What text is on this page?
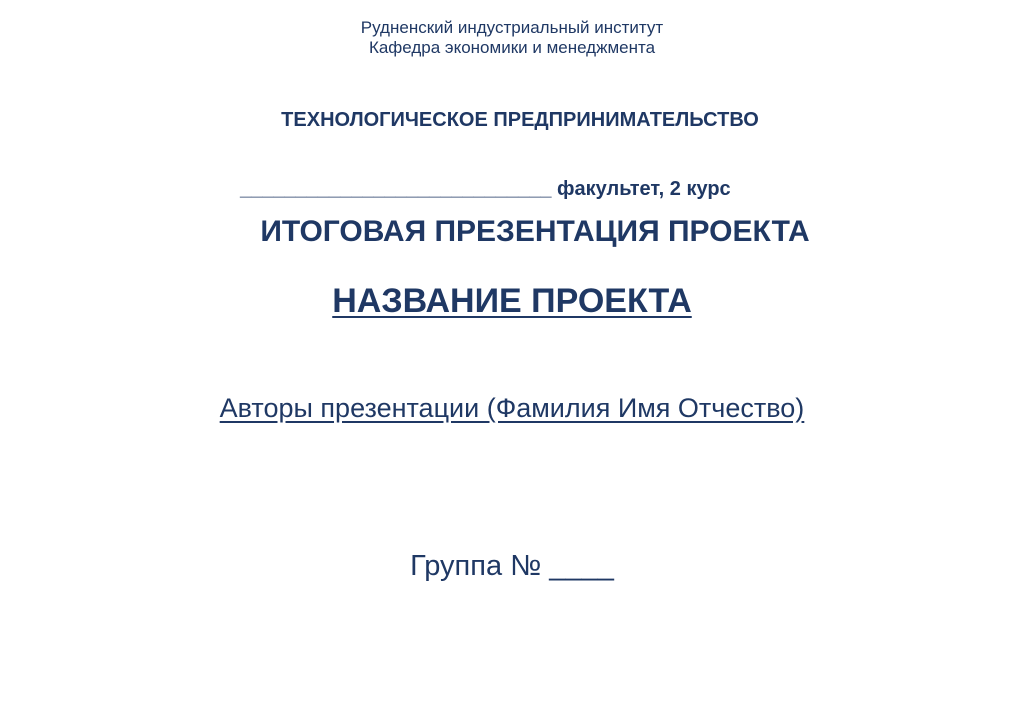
Рудненский индустриальный институт
Кафедра экономики и менеджмента
ТЕХНОЛОГИЧЕСКОЕ ПРЕДПРИНИМАТЕЛЬСТВО
____________________________ факультет, 2 курс
ИТОГОВАЯ ПРЕЗЕНТАЦИЯ ПРОЕКТА
НАЗВАНИЕ ПРОЕКТА
Авторы презентации (Фамилия Имя Отчество)
Группа № ____
